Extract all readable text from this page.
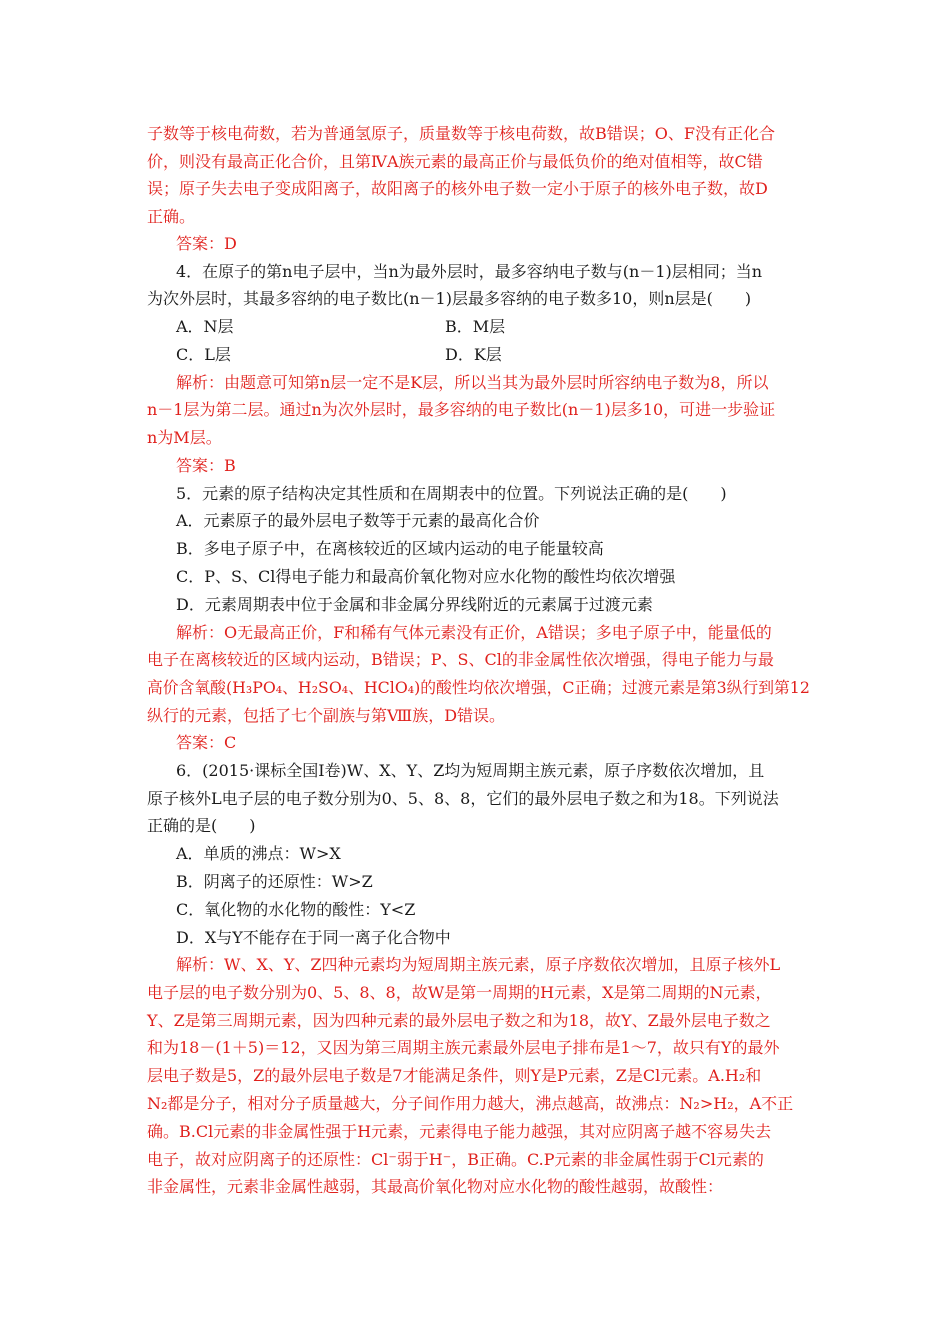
子数等于核电荷数，若为普通氢原子，质量数等于核电荷数，故B错误；O、F没有正化合
价，则没有最高正化合价，且第ⅣA族元素的最高正价与最低负价的绝对值相等，故C错
误；原子失去电子变成阳离子，故阳离子的核外电子数一定小于原子的核外电子数，故D
正确。
答案：D
4．在原子的第n电子层中，当n为最外层时，最多容纳电子数与(n－1)层相同；当n
为次外层时，其最多容纳的电子数比(n－1)层最多容纳的电子数多10，则n层是(　　)
A．N层	B．M层
C．L层	D．K层
解析：由题意可知第n层一定不是K层，所以当其为最外层时所容纳电子数为8，所以
n－1层为第二层。通过n为次外层时，最多容纳的电子数比(n－1)层多10，可进一步验证
n为M层。
答案：B
5．元素的原子结构决定其性质和在周期表中的位置。下列说法正确的是(　　)
A．元素原子的最外层电子数等于元素的最高化合价
B．多电子原子中，在离核较近的区域内运动的电子能量较高
C．P、S、Cl得电子能力和最高价氧化物对应水化物的酸性均依次增强
D．元素周期表中位于金属和非金属分界线附近的元素属于过渡元素
解析：O无最高正价，F和稀有气体元素没有正价，A错误；多电子原子中，能量低的
电子在离核较近的区域内运动，B错误；P、S、Cl的非金属性依次增强，得电子能力与最
高价含氧酸(H₃PO₄、H₂SO₄、HClO₄)的酸性均依次增强，C正确；过渡元素是第3纵行到第12
纵行的元素，包括了七个副族与第Ⅷ族，D错误。
答案：C
6．(2015·课标全国Ⅰ卷)W、X、Y、Z均为短周期主族元素，原子序数依次增加，且
原子核外L电子层的电子数分别为0、5、8、8，它们的最外层电子数之和为18。下列说法
正确的是(　　)
A．单质的沸点：W>X
B．阴离子的还原性：W>Z
C．氧化物的水化物的酸性：Y<Z
D．X与Y不能存在于同一离子化合物中
解析：W、X、Y、Z四种元素均为短周期主族元素，原子序数依次增加，且原子核外L
电子层的电子数分别为0、5、8、8，故W是第一周期的H元素，X是第二周期的N元素，
Y、Z是第三周期元素，因为四种元素的最外层电子数之和为18，故Y、Z最外层电子数之
和为18－(1＋5)＝12，又因为第三周期主族元素最外层电子排布是1～7，故只有Y的最外
层电子数是5，Z的最外层电子数是7才能满足条件，则Y是P元素，Z是Cl元素。A.H₂和
N₂都是分子，相对分子质量越大，分子间作用力越大，沸点越高，故沸点：N₂>H₂，A不正
确。B.Cl元素的非金属性强于H元素，元素得电子能力越强，其对应阴离子越不容易失去
电子，故对应阴离子的还原性：Cl⁻弱于H⁻，B正确。C.P元素的非金属性弱于Cl元素的
非金属性，元素非金属性越弱，其最高价氧化物对应水化物的酸性越弱，故酸性：
